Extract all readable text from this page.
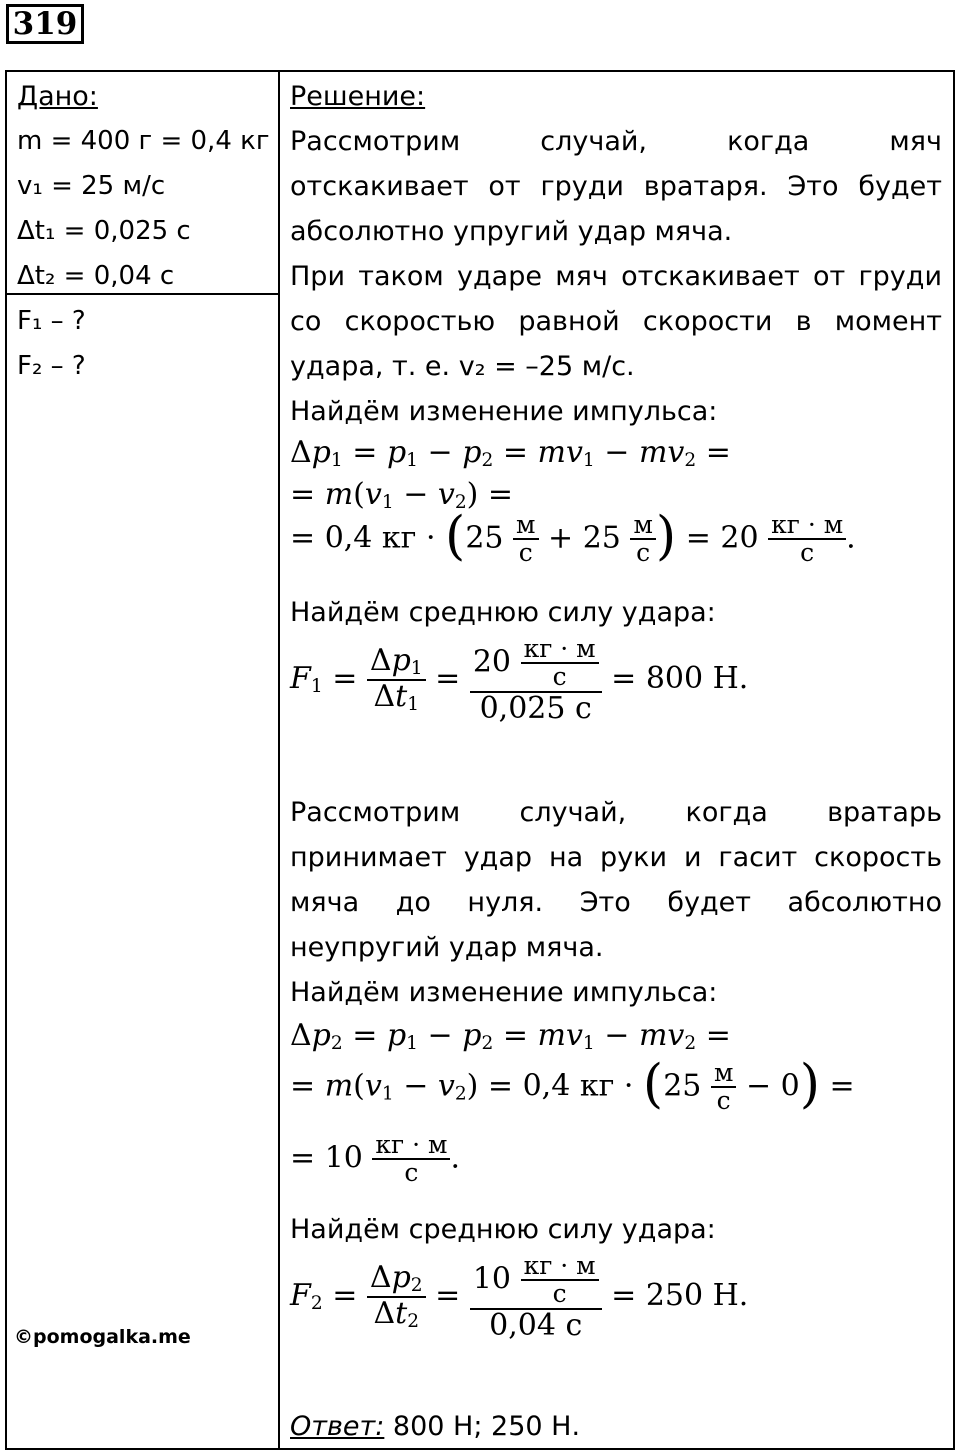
319
Дано:
m = 400 г = 0,4 кг
v₁ = 25 м/с
Δt₁ = 0,025 с
Δt₂ = 0,04 с
F₁ – ?
F₂ – ?
©pomogalka.me
Решение:
Рассмотрим случай, когда мяч
отскакивает от груди вратаря. Это будет
абсолютно упругий удар мяча.
При таком ударе мяч отскакивает от груди
со скоростью равной скорости в момент
удара, т. е. v₂ = –25 м/с.
Найдём изменение импульса:
$\Delta p_1 = p_1 - p_2 = mv_1 - mv_2$ =
= $m(v_1 - v_2)$ =
= 0,4 кг · ($25 \frac{м}{с} + 25 \frac{м}{с}$ ) = $20 \frac{кг \cdot м}{с}$ .
Найдём среднюю силу удара:
$F_1 = \frac{\Delta p_1}{\Delta t_1} = \frac{20 \frac{кг \cdot м}{с}}{0,025 с} = 800$ Н.
Рассмотрим случай, когда вратарь
принимает удар на руки и гасит скорость
мяча до нуля. Это будет абсолютно
неупругий удар мяча.
Найдём изменение импульса:
$\Delta p_2 = p_1 - p_2 = mv_1 - mv_2$ =
= $m(v_1 - v_2) = 0,4$ кг · $(25 \frac{м}{с} - 0)$ =
= $10 \frac{кг \cdot м}{с}$ .
Найдём среднюю силу удара:
$F_2 = \frac{\Delta p_2}{\Delta t_2} = \frac{10 \frac{кг \cdot м}{с}}{0,04 с} = 250$ Н.
Ответ: 800 Н; 250 Н.
